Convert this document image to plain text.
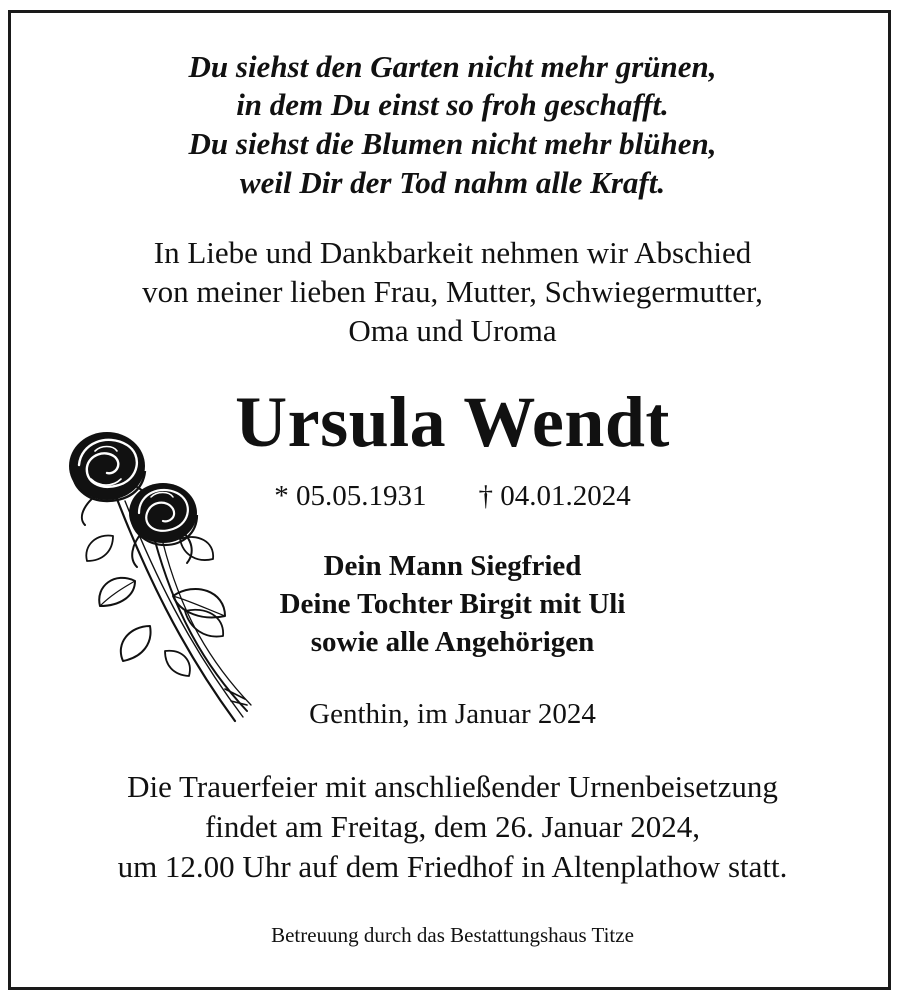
Du siehst den Garten nicht mehr grünen,
in dem Du einst so froh geschafft.
Du siehst die Blumen nicht mehr blühen,
weil Dir der Tod nahm alle Kraft.
In Liebe und Dankbarkeit nehmen wir Abschied
von meiner lieben Frau, Mutter, Schwiegermutter,
Oma und Uroma
Ursula Wendt
* 05.05.1931 † 04.01.2024
Dein Mann Siegfried
Deine Tochter Birgit mit Uli
sowie alle Angehörigen
Genthin, im Januar 2024
Die Trauerfeier mit anschließender Urnenbeisetzung
findet am Freitag, dem 26. Januar 2024,
um 12.00 Uhr auf dem Friedhof in Altenplathow statt.
Betreuung durch das Bestattungshaus Titze
